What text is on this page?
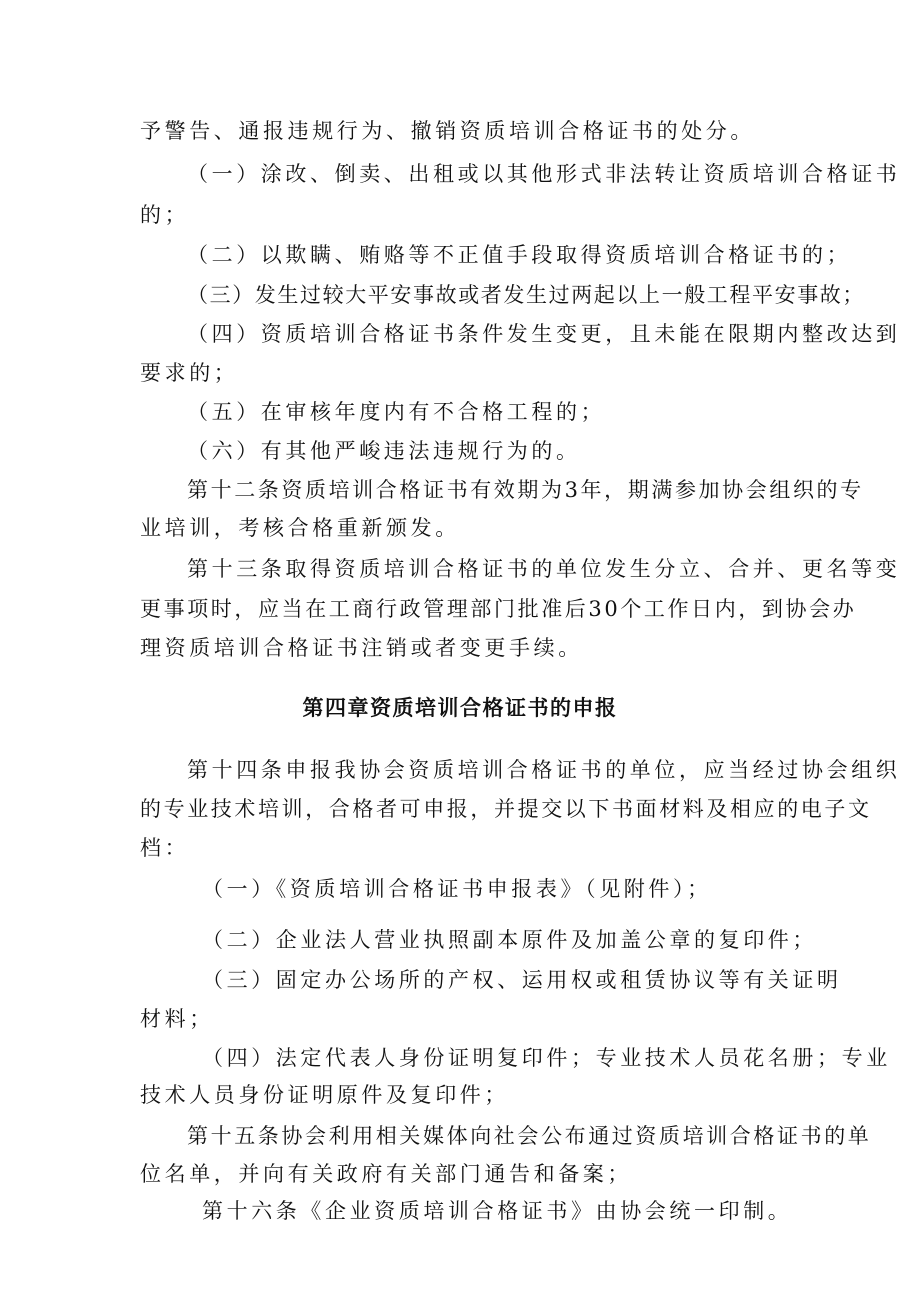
予警告、通报违规行为、撤销资质培训合格证书的处分。

（一）涂改、倒卖、出租或以其他形式非法转让资质培训合格证书

的；

（二）以欺瞒、贿赂等不正值手段取得资质培训合格证书的；

（三）发生过较大平安事故或者发生过两起以上一般工程平安事故；

（四）资质培训合格证书条件发生变更，且未能在限期内整改达到

要求的；

（五）在审核年度内有不合格工程的；

（六）有其他严峻违法违规行为的。

第十二条资质培训合格证书有效期为3年，期满参加协会组织的专

业培训，考核合格重新颁发。

第十三条取得资质培训合格证书的单位发生分立、合并、更名等变

更事项时，应当在工商行政管理部门批准后30个工作日内，到协会办

理资质培训合格证书注销或者变更手续。

第四章资质培训合格证书的申报

第十四条申报我协会资质培训合格证书的单位，应当经过协会组织

的专业技术培训，合格者可申报，并提交以下书面材料及相应的电子文

档：

（一）《资质培训合格证书申报表》（见附件）；

（二）企业法人营业执照副本原件及加盖公章的复印件；

（三）固定办公场所的产权、运用权或租赁协议等有关证明

材料；

（四）法定代表人身份证明复印件；专业技术人员花名册；专业

技术人员身份证明原件及复印件；

第十五条协会利用相关媒体向社会公布通过资质培训合格证书的单

位名单，并向有关政府有关部门通告和备案；

第十六条《企业资质培训合格证书》由协会统一印制。
